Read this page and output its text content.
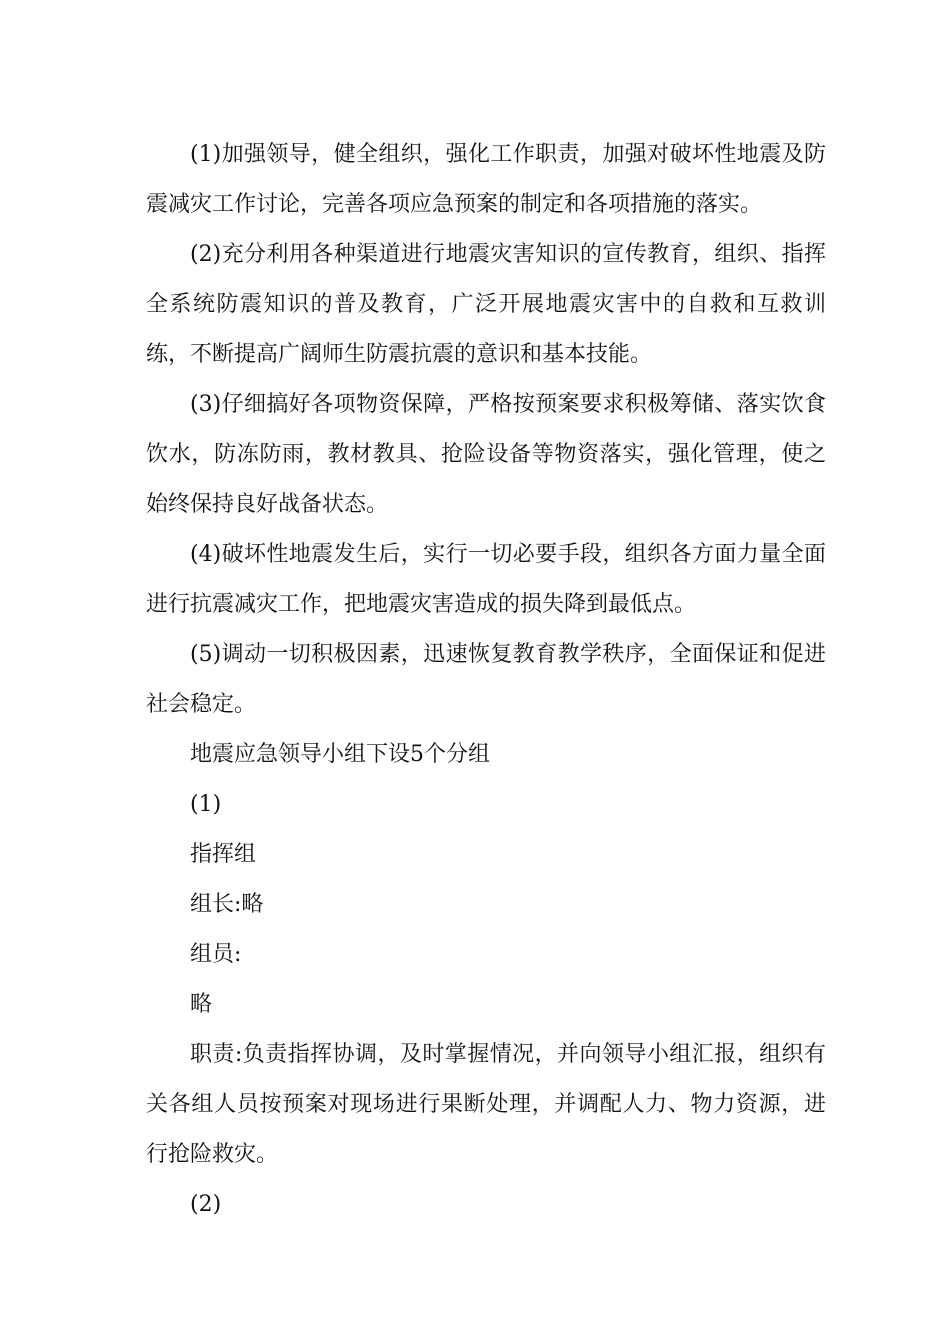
(1)加强领导，健全组织，强化工作职责，加强对破坏性地震及防震减灾工作讨论，完善各项应急预案的制定和各项措施的落实。

(2)充分利用各种渠道进行地震灾害知识的宣传教育，组织、指挥全系统防震知识的普及教育，广泛开展地震灾害中的自救和互救训练，不断提高广阔师生防震抗震的意识和基本技能。

(3)仔细搞好各项物资保障，严格按预案要求积极筹储、落实饮食饮水，防冻防雨，教材教具、抢险设备等物资落实，强化管理，使之始终保持良好战备状态。

(4)破坏性地震发生后，实行一切必要手段，组织各方面力量全面进行抗震减灾工作，把地震灾害造成的损失降到最低点。

(5)调动一切积极因素，迅速恢复教育教学秩序，全面保证和促进社会稳定。

地震应急领导小组下设5个分组

(1)

指挥组

组长:略

组员:

略

职责:负责指挥协调，及时掌握情况，并向领导小组汇报，组织有关各组人员按预案对现场进行果断处理，并调配人力、物力资源，进行抢险救灾。

(2)
